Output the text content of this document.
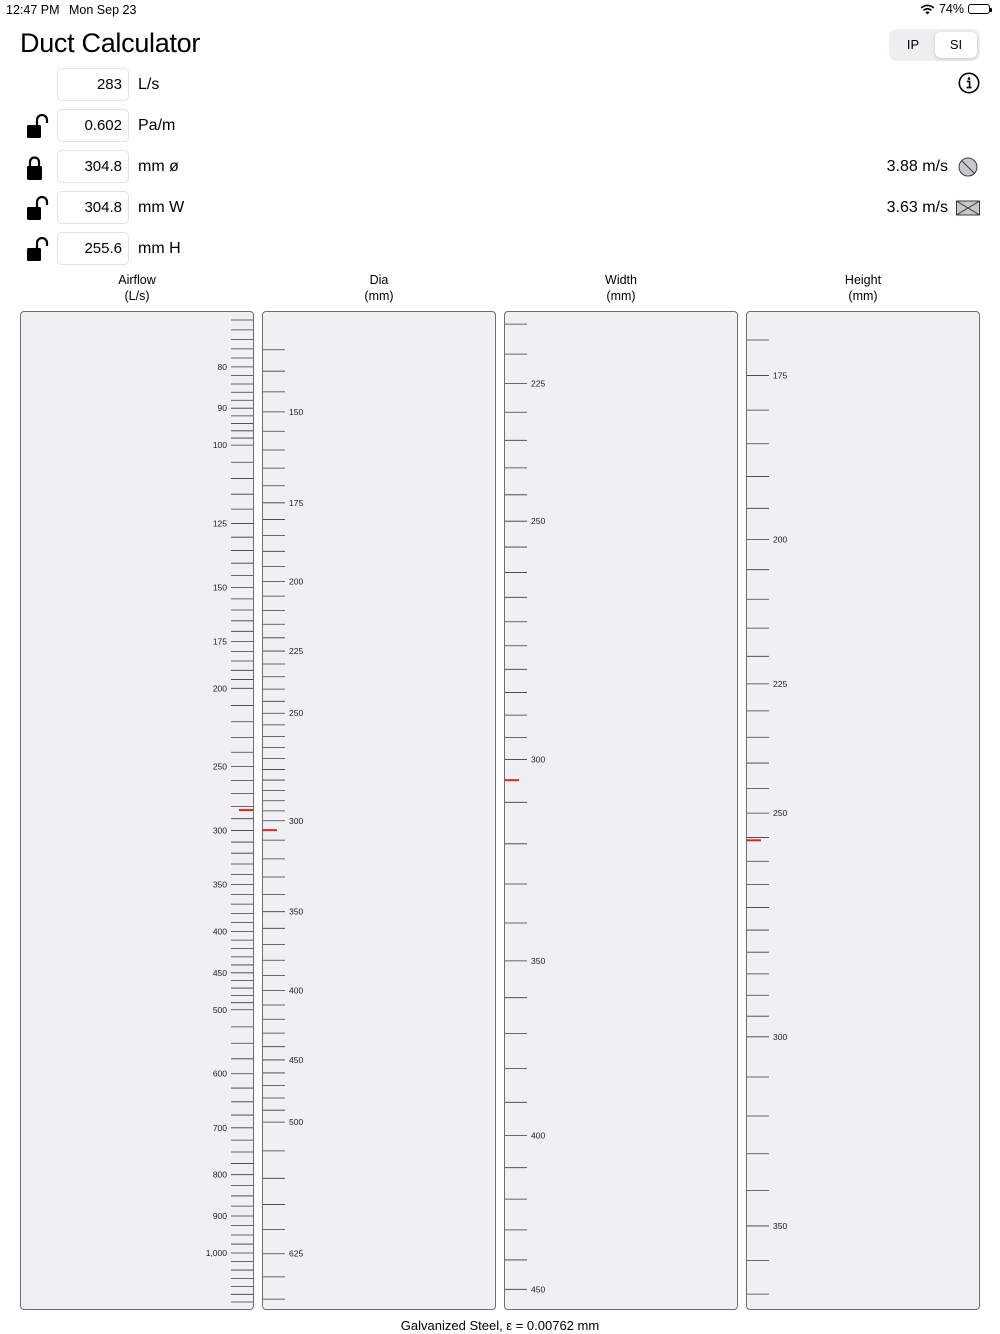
12:47 PM Mon Sep 23	74%
Duct Calculator	IP	SI
283	L/s
0.602	Pa/m
304.8	mm ø	3.88 m/s
304.8	mm W	3.63 m/s
255.6	mm H
Airflow
(L/s)
Dia
(mm)
Width
(mm)
Height
(mm)
80
90
100
125
150
175
200
250
300
350
400
450
500
600
700
800
900
1,000
150
175
200
225
250
300
350
400
450
500
625
225
250
300
350
400
450
175
200
225
250
300
350
Galvanized Steel, ε = 0.00762 mm
